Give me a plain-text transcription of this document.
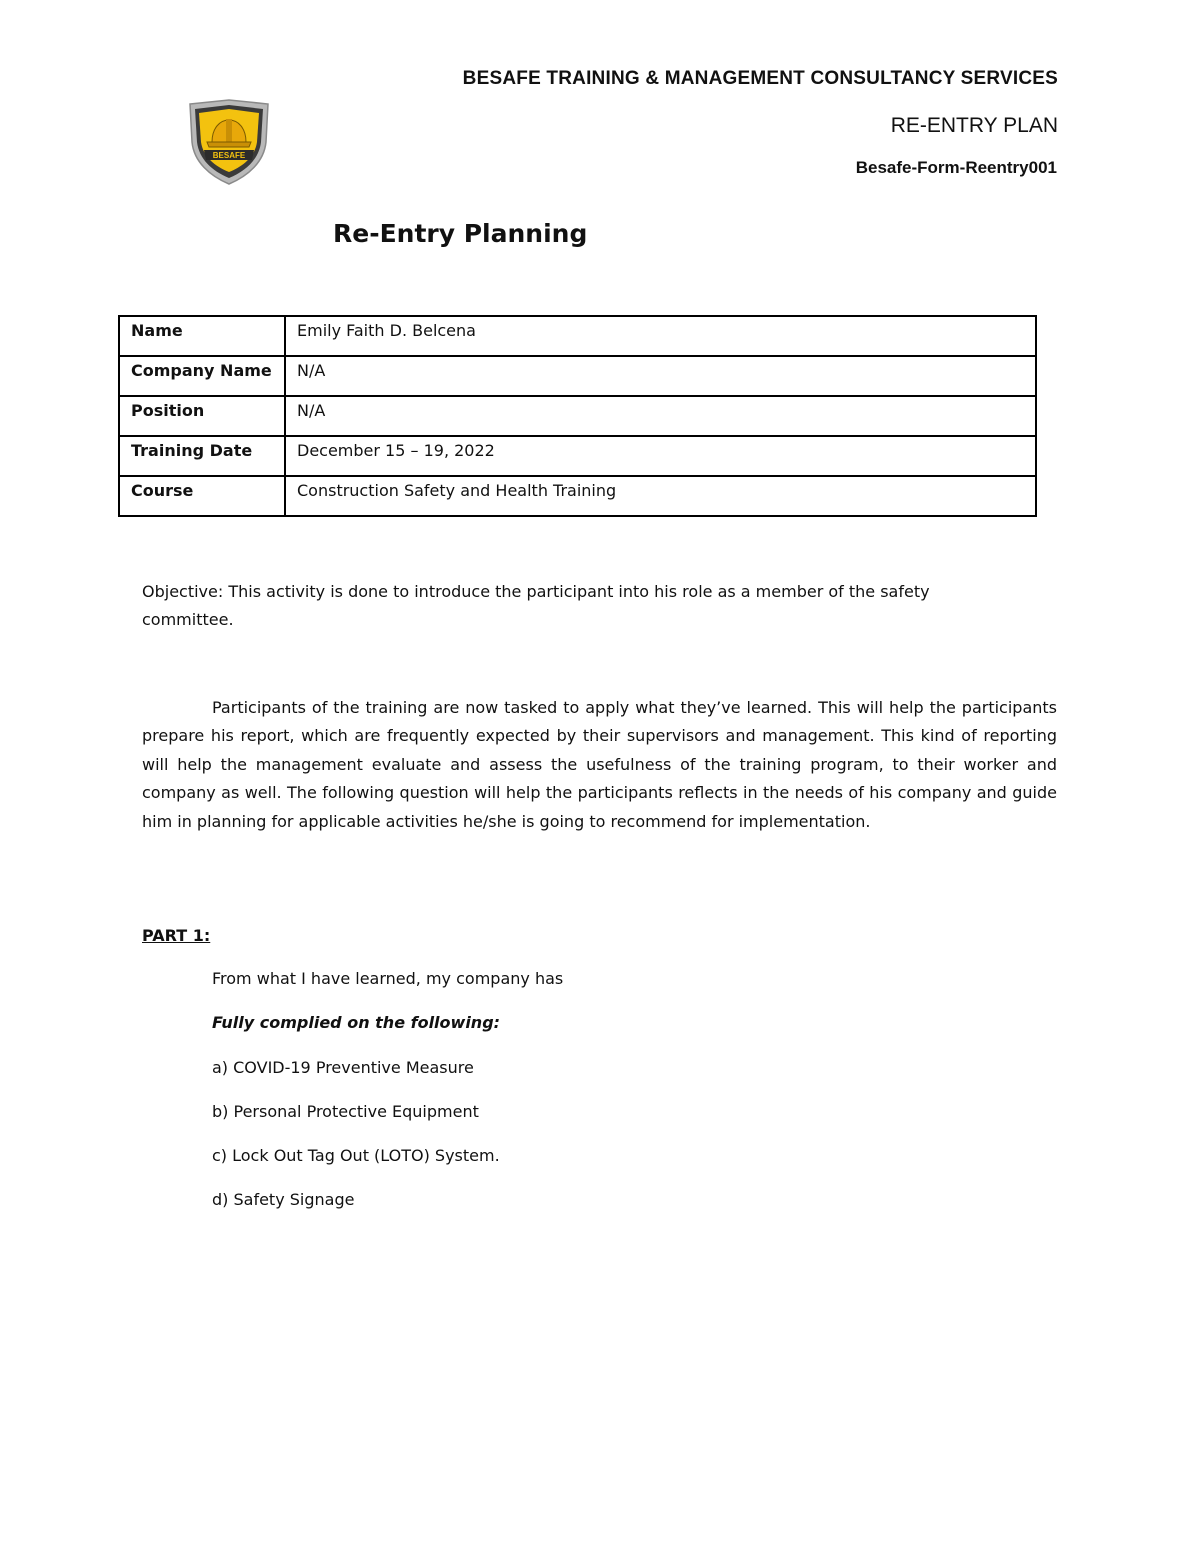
BESAFE TRAINING & MANAGEMENT CONSULTANCY SERVICES
RE-ENTRY PLAN
Besafe-Form-Reentry001
BESAFE
Re-Entry Planning
Name	Emily Faith D. Belcena
Company Name	N/A
Position	N/A
Training Date	December 15 – 19, 2022
Course	Construction Safety and Health Training
Objective: This activity is done to introduce the participant into his role as a member of the safety committee.
Participants of the training are now tasked to apply what they’ve learned. This will help the participants prepare his report, which are frequently expected by their supervisors and management. This kind of reporting will help the management evaluate and assess the usefulness of the training program, to their worker and company as well. The following question will help the participants reflects in the needs of his company and guide him in planning for applicable activities he/she is going to recommend for implementation.
PART 1:
From what I have learned, my company has
Fully complied on the following:
a) COVID-19 Preventive Measure
b) Personal Protective Equipment
c) Lock Out Tag Out (LOTO) System.
d) Safety Signage
